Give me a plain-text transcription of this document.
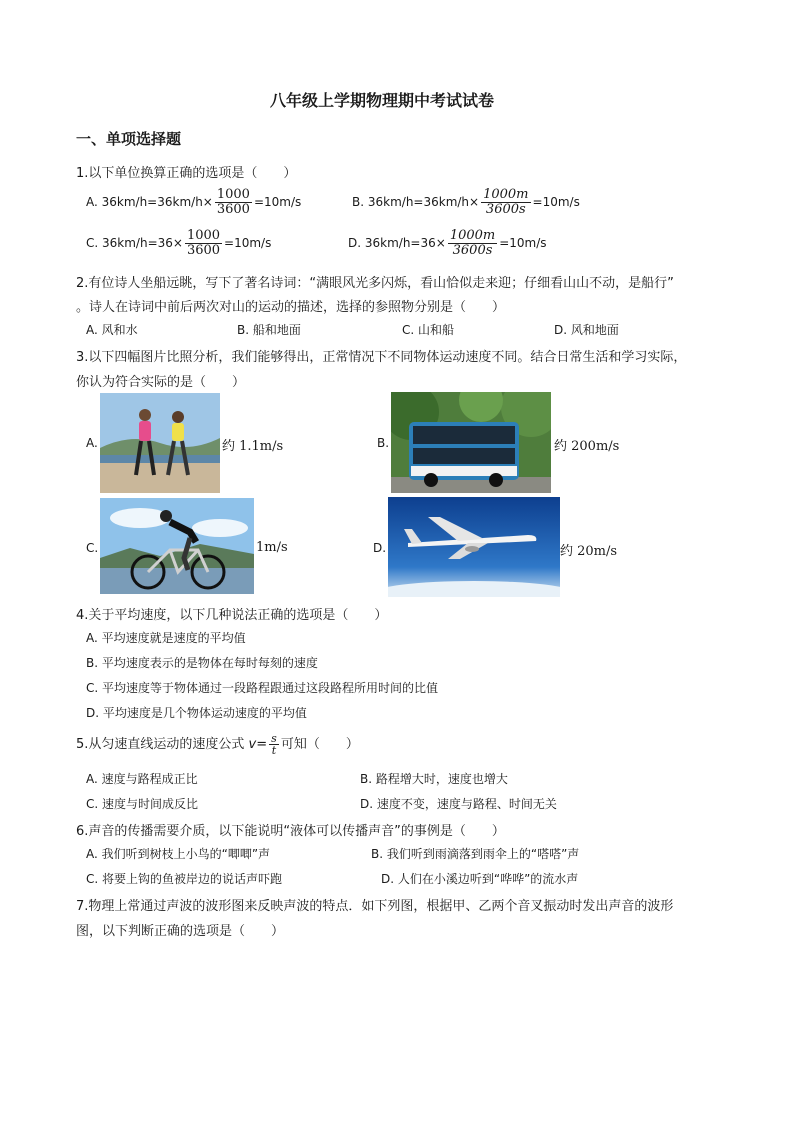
八年级上学期物理期中考试试卷
一、单项选择题
1.以下单位换算正确的选项是（　　）
A. $36km/h=36km/h\times \frac{1000}{3600} =10m/s$	B. $36km/h=36km/h\times \frac{1000m}{3600s} =10m/s$
C. $36km/h=36\times \frac{1000}{3600} =10m/s$	D. $36km/h=36\times \frac{1000m}{3600s} =10m/s$
2.有位诗人坐船远眺，写下了著名诗词：“满眼风光多闪烁，看山恰似走来迎；仔细看山山不动，是船行”
。诗人在诗词中前后两次对山的运动的描述，选择的参照物分别是（　　）
A. 风和水	B. 船和地面	C. 山和船	D. 风和地面
3.以下四幅图片比照分析，我们能够得出，正常情况下不同物体运动速度不同。结合日常生活和学习实际，
你认为符合实际的是（　　）
A.	约 1.1m/s	B.	约 200m/s
C.	1m/s	D.	约 20m/s
4.关于平均速度，以下几种说法正确的选项是（　　）
A. 平均速度就是速度的平均值
B. 平均速度表示的是物体在每时每刻的速度
C. 平均速度等于物体通过一段路程跟通过这段路程所用时间的比值
D. 平均速度是几个物体运动速度的平均值
5.从匀速直线运动的速度公式 $v= \frac{s}{t}$ 可知（　　）
A. 速度与路程成正比	B. 路程增大时，速度也增大
C. 速度与时间成反比	D. 速度不变，速度与路程、时间无关
6.声音的传播需要介质，以下能说明“液体可以传播声音”的事例是（　　）
A. 我们听到树枝上小鸟的“唧唧”声	B. 我们听到雨滴落到雨伞上的“嗒嗒”声
C. 将要上钩的鱼被岸边的说话声吓跑	D. 人们在小溪边听到“哗哗”的流水声
7.物理上常通过声波的波形图来反映声波的特点．如下列图，根据甲、乙两个音叉振动时发出声音的波形
图，以下判断正确的选项是（　　）
